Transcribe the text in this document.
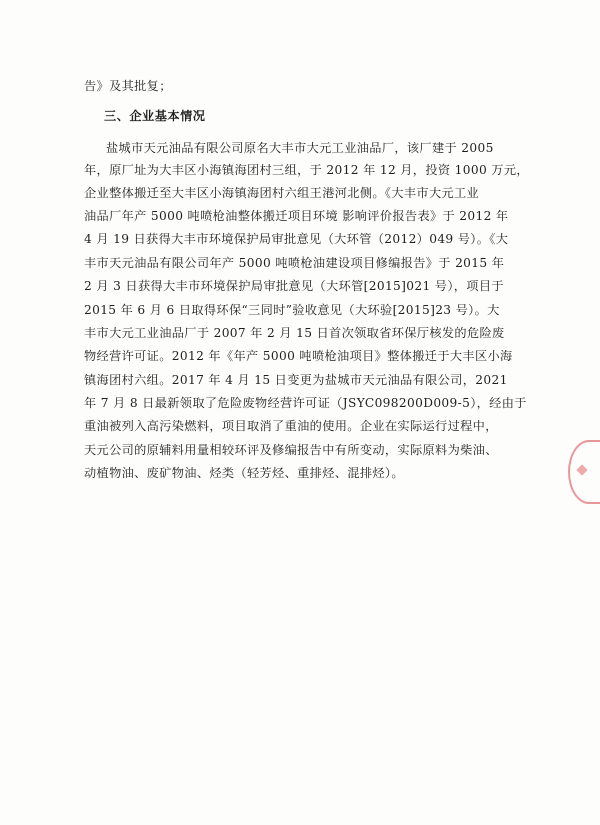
告》及其批复；

三、企业基本情况

盐城市天元油品有限公司原名大丰市大元工业油品厂，该厂建于 2005

年，原厂址为大丰区小海镇海团村三组，于 2012 年 12 月，投资 1000 万元，

企业整体搬迁至大丰区小海镇海团村六组王港河北侧。《大丰市大元工业

油品厂年产 5000 吨喷枪油整体搬迁项目环境 影响评价报告表》于 2012 年

4 月 19 日获得大丰市环境保护局审批意见（大环管（2012）049 号）。《大

丰市天元油品有限公司年产 5000 吨喷枪油建设项目修编报告》于 2015 年

2 月 3 日获得大丰市环境保护局审批意见（大环管[2015]021 号），项目于

2015 年 6 月 6 日取得环保“三同时”验收意见（大环验[2015]23 号）。大

丰市大元工业油品厂于 2007 年 2 月 15 日首次领取省环保厅核发的危险废

物经营许可证。2012 年《年产 5000 吨喷枪油项目》整体搬迁于大丰区小海

镇海团村六组。2017 年 4 月 15 日变更为盐城市天元油品有限公司，2021

年 7 月 8 日最新领取了危险废物经营许可证（JSYC098200D009-5），经由于

重油被列入高污染燃料，项目取消了重油的使用。企业在实际运行过程中，

天元公司的原辅料用量相较环评及修编报告中有所变动，实际原料为柴油、

动植物油、废矿物油、烃类（轻芳烃、重排烃、混排烃）。
